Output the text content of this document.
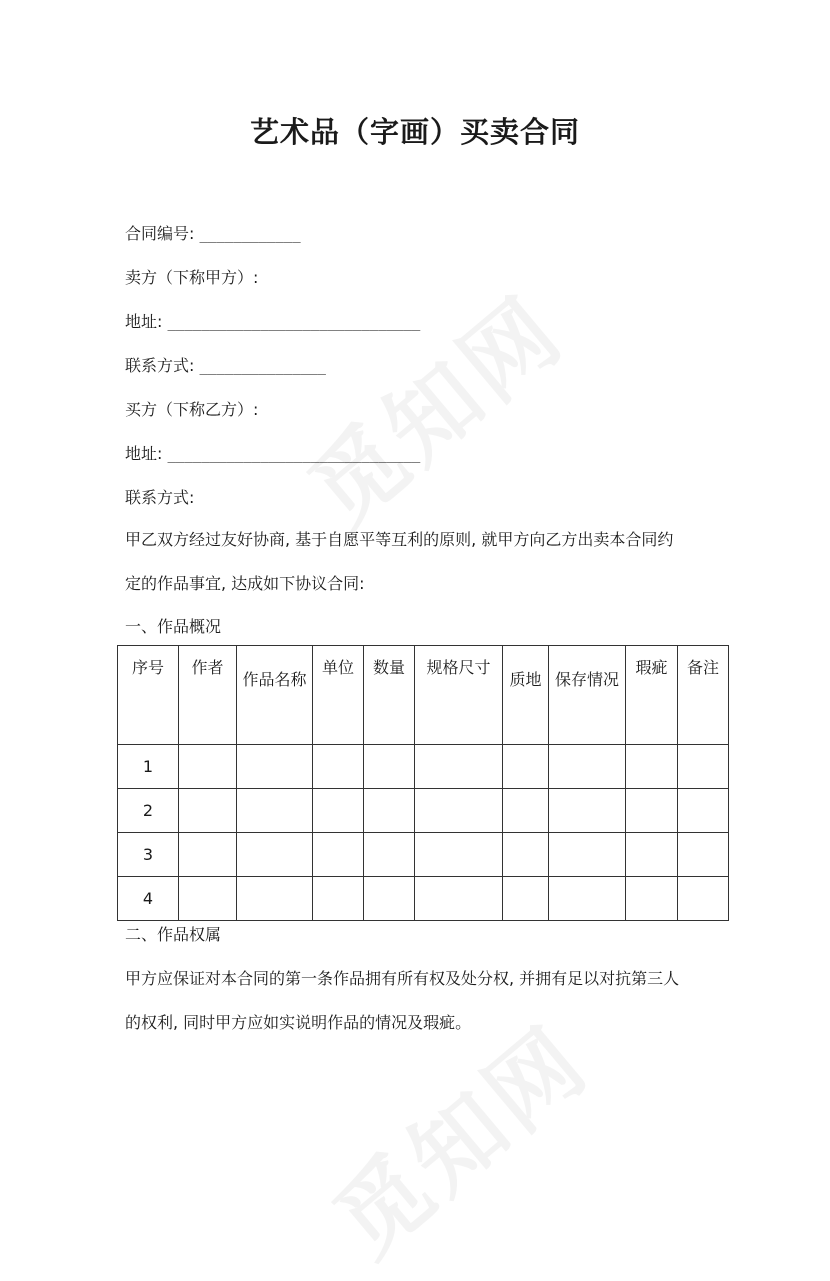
艺术品（字画）买卖合同
合同编号: ____________
卖方（下称甲方）:
地址: ______________________________
联系方式: _______________
买方（下称乙方）:
地址: ______________________________
联系方式:
甲乙双方经过友好协商, 基于自愿平等互利的原则, 就甲方向乙方出卖本合同约
定的作品事宜, 达成如下协议合同:
一、作品概况
序号	作者	作品名称	单位	数量	规格尺寸	质地	保存情况	瑕疵	备注
1									
2									
3									
4									
二、作品权属
甲方应保证对本合同的第一条作品拥有所有权及处分权, 并拥有足以对抗第三人
的权利, 同时甲方应如实说明作品的情况及瑕疵。
